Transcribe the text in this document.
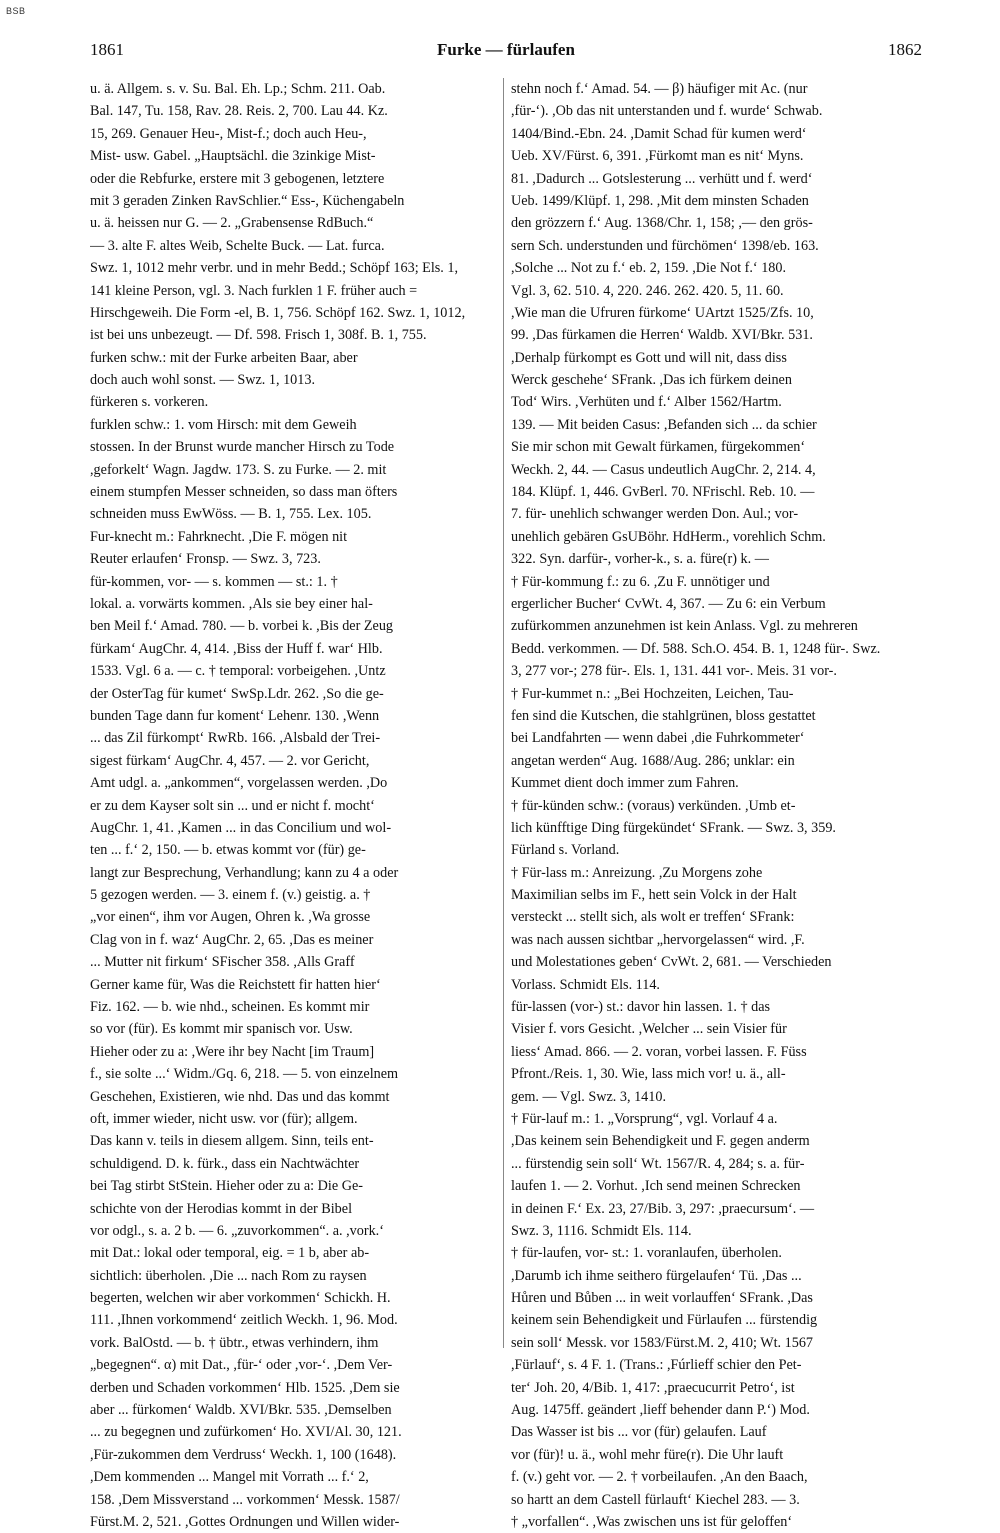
BSB
1861	Furke — fürlaufen	1862
u. ä. Allgem. s. v. Su. Bal. Eh. Lp.; Schm. 211. Oab.
Bal. 147, Tu. 158, Rav. 28. Reis. 2, 700. Lau 44. Kz.
15, 269. Genauer Heu-, Mist-f.; doch auch Heu-,
Mist- usw. Gabel. „Hauptsächl. die 3zinkige Mist-
oder die Rebfurke, erstere mit 3 gebogenen, letztere
mit 3 geraden Zinken RavSchlier.“ Ess-, Küchengabeln
u. ä. heissen nur G. — 2. „Grabensense RdBuch.“
— 3. alte F. altes Weib, Schelte Buck. — Lat. furca.
Swz. 1, 1012 mehr verbr. und in mehr Bedd.; Schöpf 163; Els. 1,
141 kleine Person, vgl. 3. Nach furklen 1 F. früher auch =
Hirschgeweih. Die Form -el, B. 1, 756. Schöpf 162. Swz. 1, 1012,
ist bei uns unbezeugt. — Df. 598. Frisch 1, 308f. B. 1, 755.
furken schw.: mit der Furke arbeiten Baar, aber
doch auch wohl sonst. — Swz. 1, 1013.
fürkeren s. vorkeren.
furklen schw.: 1. vom Hirsch: mit dem Geweih
stossen. In der Brunst wurde mancher Hirsch zu Tode
,geforkelt‘ Wagn. Jagdw. 173. S. zu Furke. — 2. mit
einem stumpfen Messer schneiden, so dass man öfters
schneiden muss EwWöss. — B. 1, 755. Lex. 105.
Fur-knecht m.: Fahrknecht. ,Die F. mögen nit
Reuter erlaufen‘ Fronsp. — Swz. 3, 723.
für-kommen, vor- — s. kommen — st.: 1. †
lokal. a. vorwärts kommen. ,Als sie bey einer hal-
ben Meil f.‘ Amad. 780. — b. vorbei k. ,Bis der Zeug
fürkam‘ AugChr. 4, 414. ,Biss der Huff f. war‘ Hlb.
1533. Vgl. 6 a. — c. † temporal: vorbeigehen. ,Untz
der OsterTag für kumet‘ SwSp.Ldr. 262. ,So die ge-
bunden Tage dann fur koment‘ Lehenr. 130. ,Wenn
... das Zil fürkompt‘ RwRb. 166. ,Alsbald der Trei-
sigest fürkam‘ AugChr. 4, 457. — 2. vor Gericht,
Amt udgl. a. „ankommen“, vorgelassen werden. ,Do
er zu dem Kayser solt sin ... und er nicht f. mocht‘
AugChr. 1, 41. ,Kamen ... in das Concilium und wol-
ten ... f.‘ 2, 150. — b. etwas kommt vor (für) ge-
langt zur Besprechung, Verhandlung; kann zu 4 a oder
5 gezogen werden. — 3. einem f. (v.) geistig. a. †
„vor einen“, ihm vor Augen, Ohren k. ,Wa grosse
Clag von in f. waz‘ AugChr. 2, 65. ,Das es meiner
... Mutter nit firkum‘ SFischer 358. ,Alls Graff
Gerner kame für, Was die Reichstett fir hatten hier‘
Fiz. 162. — b. wie nhd., scheinen. Es kommt mir
so vor (für). Es kommt mir spanisch vor. Usw.
Hieher oder zu a: ,Were ihr bey Nacht [im Traum]
f., sie solte ...‘ Widm./Gq. 6, 218. — 5. von einzelnem
Geschehen, Existieren, wie nhd. Das und das kommt
oft, immer wieder, nicht usw. vor (für); allgem.
Das kann v. teils in diesem allgem. Sinn, teils ent-
schuldigend. D. k. fürk., dass ein Nachtwächter
bei Tag stirbt StStein. Hieher oder zu a: Die Ge-
schichte von der Herodias kommt in der Bibel
vor odgl., s. a. 2 b. — 6. „zuvorkommen“. a. ,vork.‘
mit Dat.: lokal oder temporal, eig. = 1 b, aber ab-
sichtlich: überholen. ,Die ... nach Rom zu raysen
begerten, welchen wir aber vorkommen‘ Schickh. H.
111. ,Ihnen vorkommend‘ zeitlich Weckh. 1, 96. Mod.
vork. BalOstd. — b. † übtr., etwas verhindern, ihm
„begegnen“. α) mit Dat., ,für-‘ oder ,vor-‘. ,Dem Ver-
derben und Schaden vorkommen‘ Hlb. 1525. ,Dem sie
aber ... fürkomen‘ Waldb. XVI/Bkr. 535. ,Demselben
... zu begegnen und zufürkomen‘ Ho. XVI/Al. 30, 121.
,Für-zukommen dem Verdruss‘ Weckh. 1, 100 (1648).
,Dem kommenden ... Mangel mit Vorrath ... f.‘ 2,
158. ,Dem Missverstand ... vorkommen‘ Messk. 1587/
Fürst.M. 2, 521. ,Gottes Ordnungen und Willen wider-
stehn noch f.‘ Amad. 54. — β) häufiger mit Ac. (nur
,für-‘). ,Ob das nit unterstanden und f. wurde‘ Schwab.
1404/Bind.-Ebn. 24. ,Damit Schad für kumen werd‘
Ueb. XV/Fürst. 6, 391. ,Fürkomt man es nit‘ Myns.
81. ,Dadurch ... Gotslesterung ... verhütt und f. werd‘
Ueb. 1499/Klüpf. 1, 298. ,Mit dem minsten Schaden
den grözzern f.‘ Aug. 1368/Chr. 1, 158; ,— den grös-
sern Sch. understunden und fürchömen‘ 1398/eb. 163.
,Solche ... Not zu f.‘ eb. 2, 159. ,Die Not f.‘ 180.
Vgl. 3, 62. 510. 4, 220. 246. 262. 420. 5, 11. 60.
,Wie man die Ufruren fürkome‘ UArtzt 1525/Zfs. 10,
99. ,Das fürkamen die Herren‘ Waldb. XVI/Bkr. 531.
,Derhalp fürkompt es Gott und will nit, dass diss
Werck geschehe‘ SFrank. ,Das ich fürkem deinen
Tod‘ Wirs. ,Verhüten und f.‘ Alber 1562/Hartm.
139. — Mit beiden Casus: ,Befanden sich ... da schier
Sie mir schon mit Gewalt fürkamen, fürgekommen‘
Weckh. 2, 44. — Casus undeutlich AugChr. 2, 214. 4,
184. Klüpf. 1, 446. GvBerl. 70. NFrischl. Reb. 10. —
7. für- unehlich schwanger werden Don. Aul.; vor-
unehlich gebären GsUBöhr. HdHerm., vorehlich Schm.
322. Syn. darfür-, vorher-k., s. a. füre(r) k. —
† Für-kommung f.: zu 6. ,Zu F. unnötiger und
ergerlicher Bucher‘ CvWt. 4, 367. — Zu 6: ein Verbum
zufürkommen anzunehmen ist kein Anlass. Vgl. zu mehreren
Bedd. verkommen. — Df. 588. Sch.O. 454. B. 1, 1248 für-. Swz.
3, 277 vor-; 278 für-. Els. 1, 131. 441 vor-. Meis. 31 vor-.
† Fur-kummet n.: „Bei Hochzeiten, Leichen, Tau-
fen sind die Kutschen, die stahlgrünen, bloss gestattet
bei Landfahrten — wenn dabei ,die Fuhrkommeter‘
angetan werden“ Aug. 1688/Aug. 286; unklar: ein
Kummet dient doch immer zum Fahren.
† für-künden schw.: (voraus) verkünden. ,Umb et-
lich künfftige Ding fürgekündet‘ SFrank. — Swz. 3, 359.
Fürland s. Vorland.
† Für-lass m.: Anreizung. ,Zu Morgens zohe
Maximilian selbs im F., hett sein Volck in der Halt
versteckt ... stellt sich, als wolt er treffen‘ SFrank:
was nach aussen sichtbar „hervorgelassen“ wird. ,F.
und Molestationes geben‘ CvWt. 2, 681. — Verschieden
Vorlass. Schmidt Els. 114.
für-lassen (vor-) st.: davor hin lassen. 1. † das
Visier f. vors Gesicht. ,Welcher ... sein Visier für
liess‘ Amad. 866. — 2. voran, vorbei lassen. F. Füss
Pfront./Reis. 1, 30. Wie, lass mich vor! u. ä., all-
gem. — Vgl. Swz. 3, 1410.
† Für-lauf m.: 1. „Vorsprung“, vgl. Vorlauf 4 a.
,Das keinem sein Behendigkeit und F. gegen anderm
... fürstendig sein soll‘ Wt. 1567/R. 4, 284; s. a. für-
laufen 1. — 2. Vorhut. ,Ich send meinen Schrecken
in deinen F.‘ Ex. 23, 27/Bib. 3, 297: ,praecursum‘. —
Swz. 3, 1116. Schmidt Els. 114.
† für-laufen, vor- st.: 1. voranlaufen, überholen.
,Darumb ich ihme seithero fürgelaufen‘ Tü. ,Das ...
Hůren und Bůben ... in weit vorlauffen‘ SFrank. ,Das
keinem sein Behendigkeit und Fürlaufen ... fürstendig
sein soll‘ Messk. vor 1583/Fürst.M. 2, 410; Wt. 1567
,Fürlauf‘, s. 4 F. 1. (Trans.: ,Fúrlieff schier den Pet-
ter‘ Joh. 20, 4/Bib. 1, 417: ,praecucurrit Petro‘, ist
Aug. 1475ff. geändert ,lieff behender dann P.‘) Mod.
Das Wasser ist bis ... vor (für) gelaufen. Lauf
vor (für)! u. ä., wohl mehr füre(r). Die Uhr lauft
f. (v.) geht vor. — 2. † vorbeilaufen. ,An den Baach,
so hartt an dem Castell fürlauft‘ Kiechel 283. — 3.
† „vorfallen“. ,Was zwischen uns ist für geloffen‘
